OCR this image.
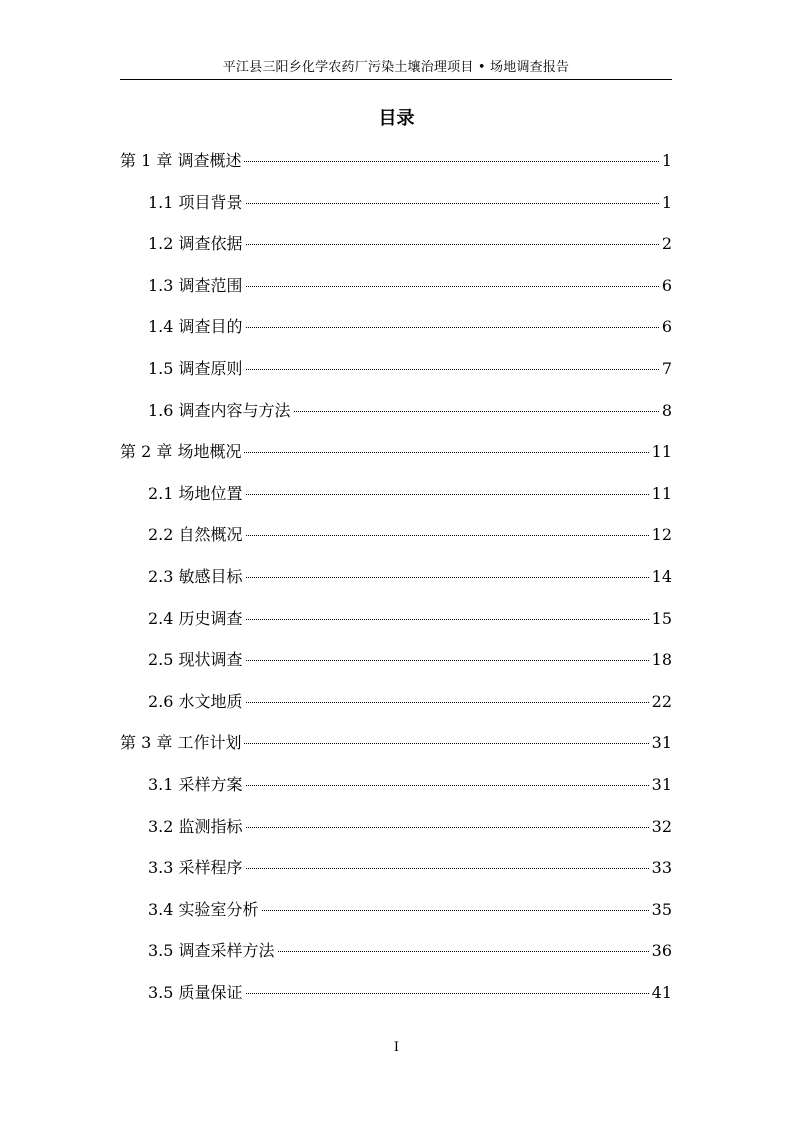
平江县三阳乡化学农药厂污染土壤治理项目 • 场地调查报告
目录
第 1 章 调查概述	1
1.1 项目背景	1
1.2 调查依据	2
1.3 调查范围	6
1.4 调查目的	6
1.5 调查原则	7
1.6 调查内容与方法	8
第 2 章 场地概况	11
2.1 场地位置	11
2.2 自然概况	12
2.3 敏感目标	14
2.4 历史调查	15
2.5 现状调查	18
2.6 水文地质	22
第 3 章 工作计划	31
3.1 采样方案	31
3.2 监测指标	32
3.3 采样程序	33
3.4 实验室分析	35
3.5 调查采样方法	36
3.5 质量保证	41
I
